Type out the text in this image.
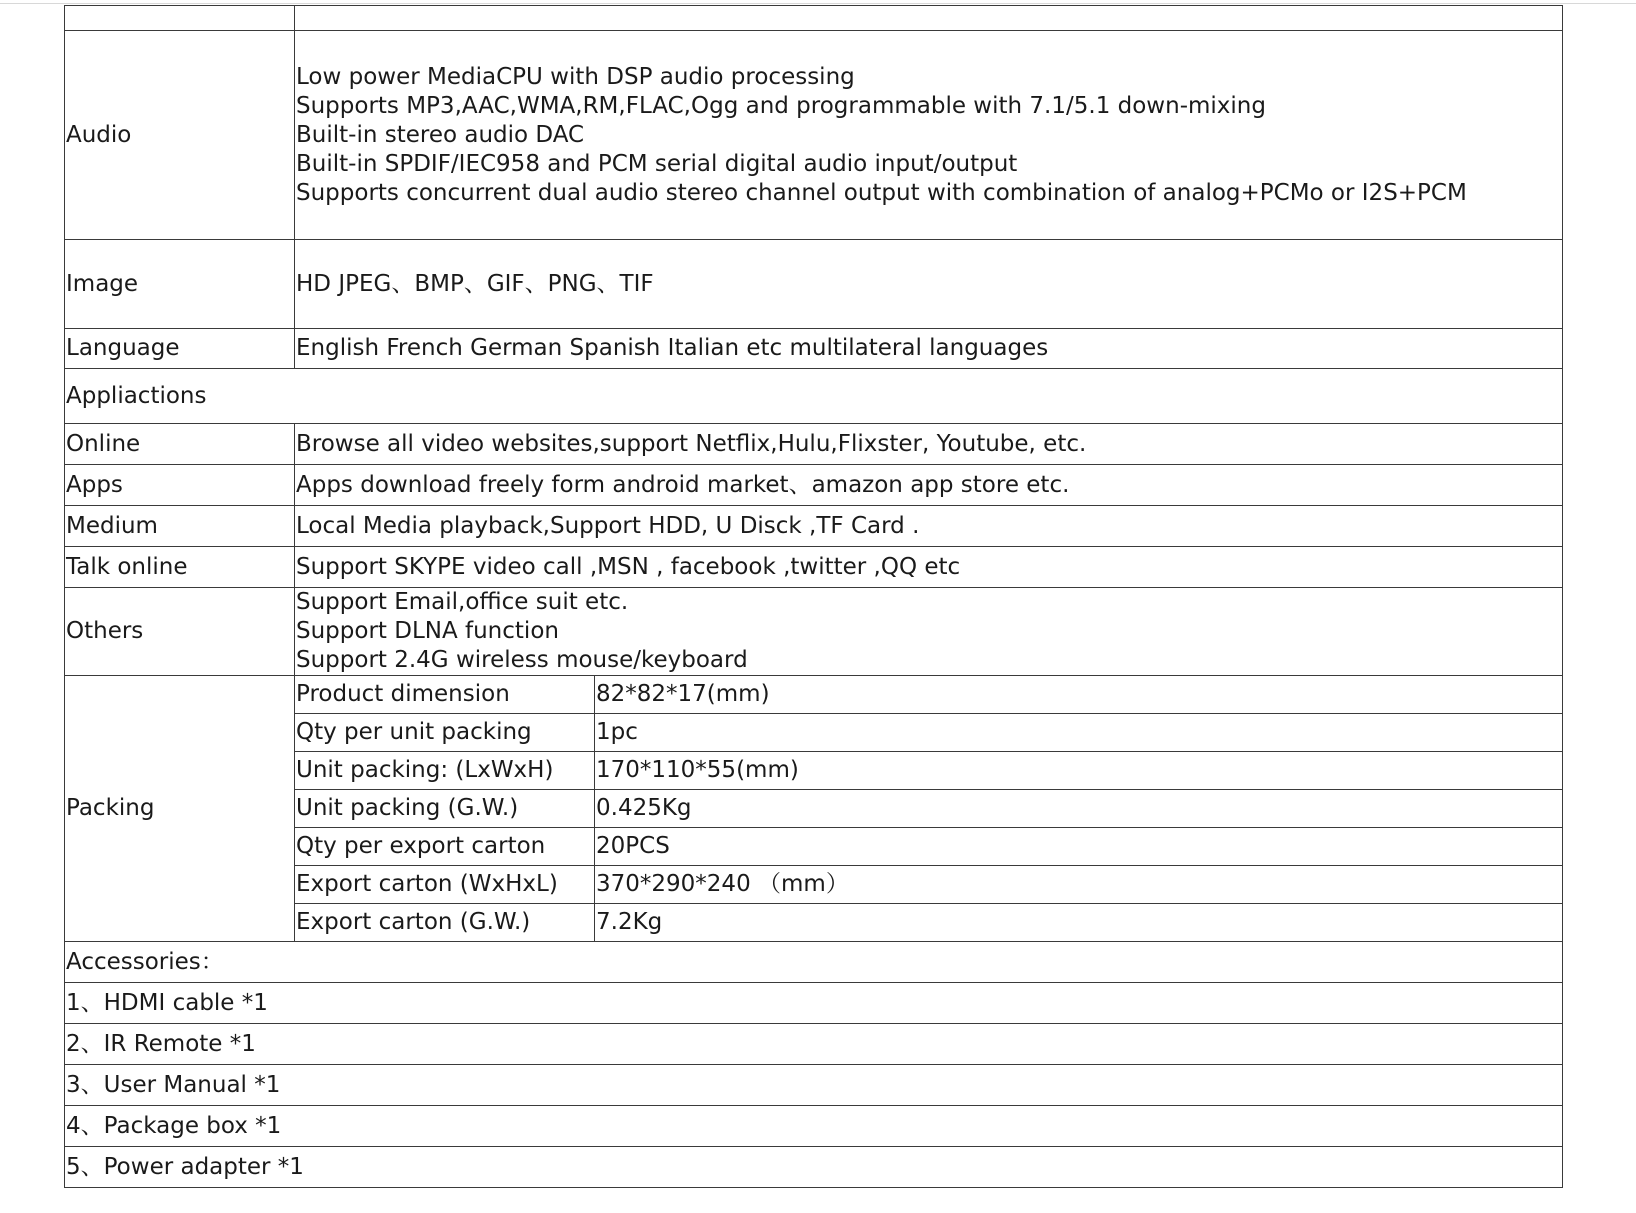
Audio	Low power MediaCPU with DSP audio processing
Supports MP3,AAC,WMA,RM,FLAC,Ogg and programmable with 7.1/5.1 down-mixing
Built-in stereo audio DAC
Built-in SPDIF/IEC958 and PCM serial digital audio input/output
Supports concurrent dual audio stereo channel output with combination of analog+PCMo or I2S+PCM	

Image	HD JPEG、BMP、GIF、PNG、TIF	
Language	English French German Spanish Italian etc multilateral languages	
Appliactions		
Online	Browse all video websites,support Netflix,Hulu,Flixster, Youtube, etc.	
Apps	Apps download freely form android market、amazon app store etc.	
Medium	Local Media playback,Support HDD, U Disck ,TF Card .	
Talk online	Support SKYPE video call ,MSN , facebook ,twitter ,QQ etc	
Others	Support Email,office suit etc.
Support DLNA function
Support 2.4G wireless mouse/keyboard	

Packing	Product dimension	82*82*17(mm)
	Qty per unit packing	1pc
	Unit packing: (LxWxH)	170*110*55(mm)
	Unit packing (G.W.)	0.425Kg
	Qty per export carton	20PCS
	Export carton (WxHxL)	370*290*240 （mm）
	Export carton (G.W.)	7.2Kg
Accessories：		
1、HDMI cable *1		
2、IR Remote *1		
3、User Manual *1		
4、Package box *1		
5、Power adapter *1		
